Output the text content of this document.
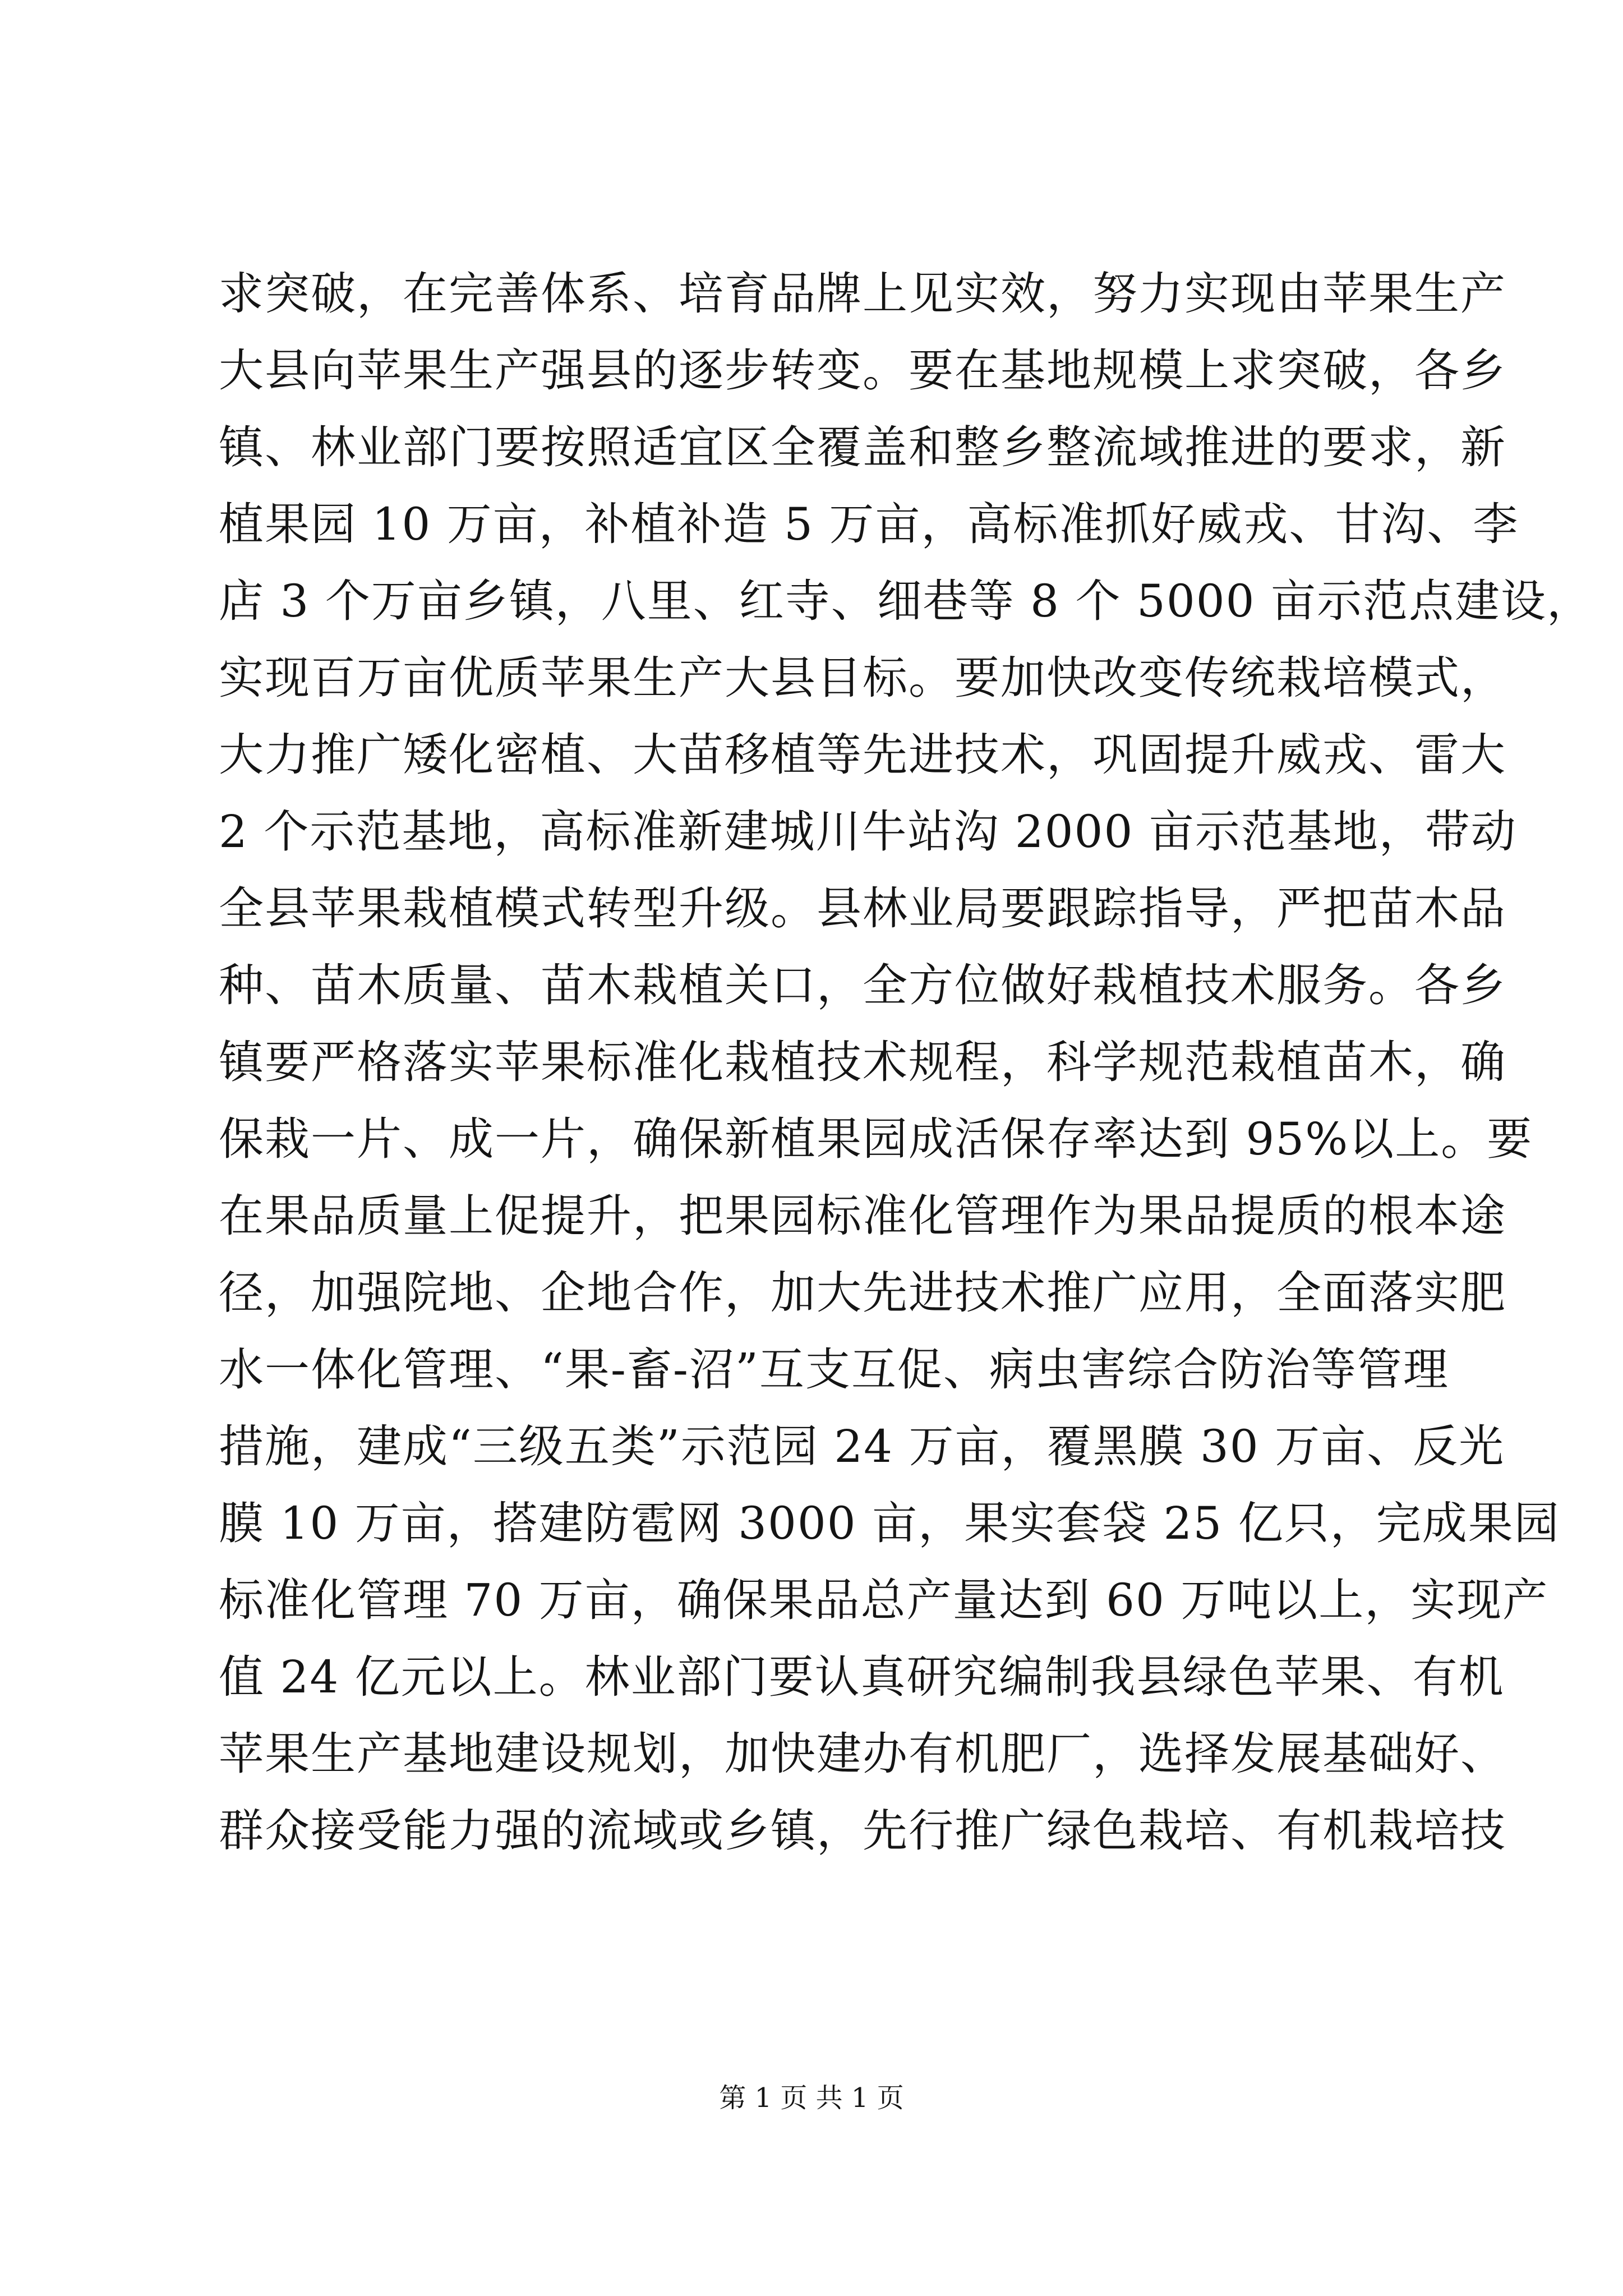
求突破，在完善体系、培育品牌上见实效，努力实现由苹果生产
大县向苹果生产强县的逐步转变。要在基地规模上求突破，各乡
镇、林业部门要按照适宜区全覆盖和整乡整流域推进的要求，新
植果园 10 万亩，补植补造 5 万亩，高标准抓好威戎、甘沟、李
店 3 个万亩乡镇，八里、红寺、细巷等 8 个 5000 亩示范点建设，
实现百万亩优质苹果生产大县目标。要加快改变传统栽培模式，
大力推广矮化密植、大苗移植等先进技术，巩固提升威戎、雷大
2 个示范基地，高标准新建城川牛站沟 2000 亩示范基地，带动
全县苹果栽植模式转型升级。县林业局要跟踪指导，严把苗木品
种、苗木质量、苗木栽植关口，全方位做好栽植技术服务。各乡
镇要严格落实苹果标准化栽植技术规程，科学规范栽植苗木，确
保栽一片、成一片，确保新植果园成活保存率达到 95%以上。要
在果品质量上促提升，把果园标准化管理作为果品提质的根本途
径，加强院地、企地合作，加大先进技术推广应用，全面落实肥
水一体化管理、“果-畜-沼”互支互促、病虫害综合防治等管理
措施，建成“三级五类”示范园 24 万亩，覆黑膜 30 万亩、反光
膜 10 万亩，搭建防雹网 3000 亩，果实套袋 25 亿只，完成果园
标准化管理 70 万亩，确保果品总产量达到 60 万吨以上，实现产
值 24 亿元以上。林业部门要认真研究编制我县绿色苹果、有机
苹果生产基地建设规划，加快建办有机肥厂，选择发展基础好、
群众接受能力强的流域或乡镇，先行推广绿色栽培、有机栽培技
第 1 页 共 1 页
